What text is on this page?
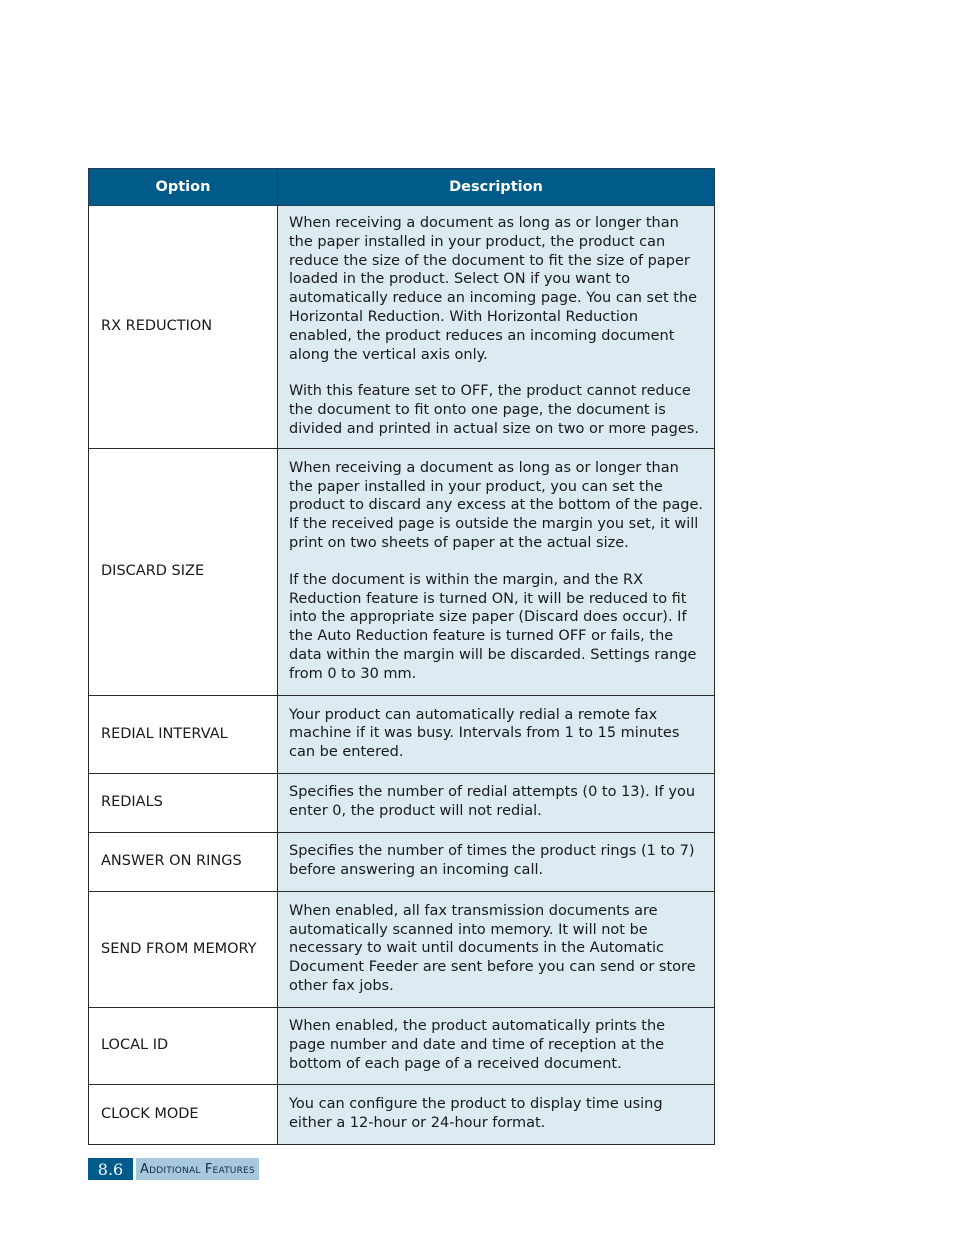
Option	Description
RX REDUCTION	When receiving a document as long as or longer than the paper installed in your product, the product can reduce the size of the document to fit the size of paper loaded in the product. Select ON if you want to automatically reduce an incoming page. You can set the Horizontal Reduction. With Horizontal Reduction enabled, the product reduces an incoming document along the vertical axis only.

With this feature set to OFF, the product cannot reduce the document to fit onto one page, the document is divided and printed in actual size on two or more pages.

DISCARD SIZE	When receiving a document as long as or longer than the paper installed in your product, you can set the product to discard any excess at the bottom of the page. If the received page is outside the margin you set, it will print on two sheets of paper at the actual size.

If the document is within the margin, and the RX Reduction feature is turned ON, it will be reduced to fit into the appropriate size paper (Discard does occur). If the Auto Reduction feature is turned OFF or fails, the data within the margin will be discarded. Settings range from 0 to 30 mm.

REDIAL INTERVAL	Your product can automatically redial a remote fax machine if it was busy. Intervals from 1 to 15 minutes can be entered.

REDIALS	Specifies the number of redial attempts (0 to 13). If you enter 0, the product will not redial.

ANSWER ON RINGS	Specifies the number of times the product rings (1 to 7) before answering an incoming call.

SEND FROM MEMORY	When enabled, all fax transmission documents are automatically scanned into memory. It will not be necessary to wait until documents in the Automatic Document Feeder are sent before you can send or store other fax jobs.

LOCAL ID	When enabled, the product automatically prints the page number and date and time of reception at the bottom of each page of a received document.

CLOCK MODE	You can configure the product to display time using either a 12-hour or 24-hour format.

8.6	Additional Features
